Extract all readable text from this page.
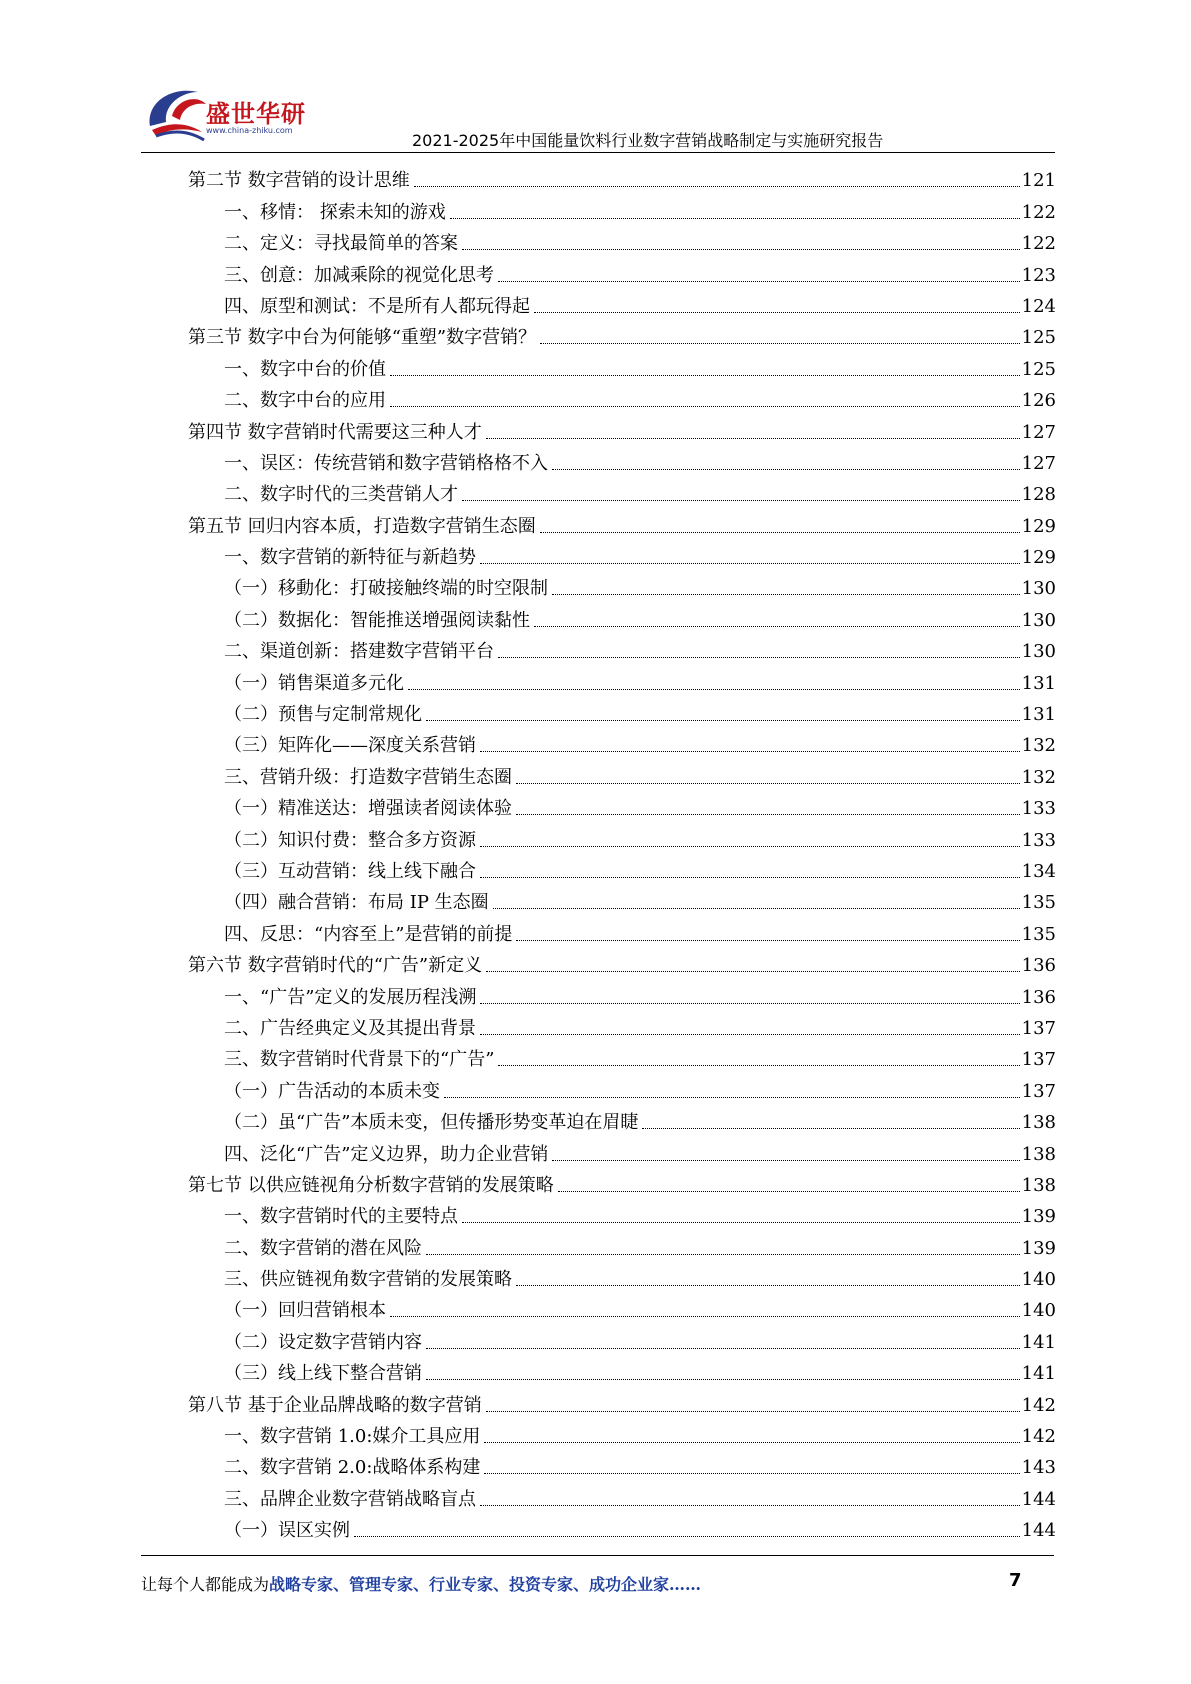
盛世华研
www.china-zhiku.com
2021-2025年中国能量饮料行业数字营销战略制定与实施研究报告
第二节 数字营销的设计思维	121
一、移情： 探索未知的游戏	122
二、定义：寻找最简单的答案	122
三、创意：加减乘除的视觉化思考	123
四、原型和测试：不是所有人都玩得起	124
第三节 数字中台为何能够“重塑”数字营销？	125
一、数字中台的价值	125
二、数字中台的应用	126
第四节 数字营销时代需要这三种人才	127
一、误区：传统营销和数字营销格格不入	127
二、数字时代的三类营销人才	128
第五节 回归内容本质，打造数字营销生态圈	129
一、数字营销的新特征与新趋势	129
（一）移動化：打破接触终端的时空限制	130
（二）数据化：智能推送增强阅读黏性	130
二、渠道创新：搭建数字营销平台	130
（一）销售渠道多元化	131
（二）预售与定制常规化	131
（三）矩阵化——深度关系营销	132
三、营销升级：打造数字营销生态圈	132
（一）精准送达：增强读者阅读体验	133
（二）知识付费：整合多方资源	133
（三）互动营销：线上线下融合	134
（四）融合营销：布局 IP 生态圈	135
四、反思：“内容至上”是营销的前提	135
第六节 数字营销时代的“广告”新定义	136
一、“广告”定义的发展历程浅溯	136
二、广告经典定义及其提出背景	137
三、数字营销时代背景下的“广告”	137
（一）广告活动的本质未变	137
（二）虽“广告”本质未变，但传播形势变革迫在眉睫	138
四、泛化“广告”定义边界，助力企业营销	138
第七节 以供应链视角分析数字营销的发展策略	138
一、数字营销时代的主要特点	139
二、数字营销的潜在风险	139
三、供应链视角数字营销的发展策略	140
（一）回归营销根本	140
（二）设定数字营销内容	141
（三）线上线下整合营销	141
第八节 基于企业品牌战略的数字营销	142
一、数字营销 1.0:媒介工具应用	142
二、数字营销 2.0:战略体系构建	143
三、品牌企业数字营销战略盲点	144
（一）误区实例	144
让每个人都能成为战略专家、管理专家、行业专家、投资专家、成功企业家……	7
